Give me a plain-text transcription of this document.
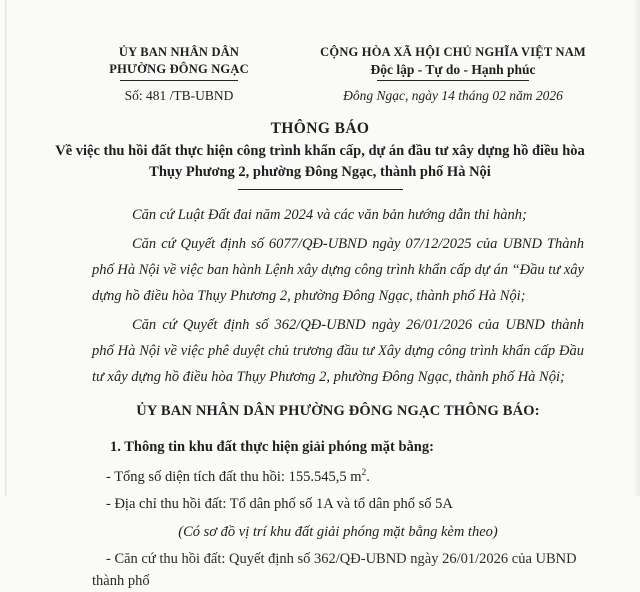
ỦY BAN NHÂN DÂN
PHƯỜNG ĐÔNG NGẠC
Số: 481 /TB-UBND
CỘNG HÒA XÃ HỘI CHỦ NGHĨA VIỆT NAM
Độc lập - Tự do - Hạnh phúc
Đông Ngạc, ngày 14 tháng 02 năm 2026
THÔNG BÁO
Về việc thu hồi đất thực hiện công trình khẩn cấp, dự án đầu tư xây dựng hồ điều hòa Thụy Phương 2, phường Đông Ngạc, thành phố Hà Nội

Căn cứ Luật Đất đai năm 2024 và các văn bản hướng dẫn thi hành;

Căn cứ Quyết định số 6077/QĐ-UBND ngày 07/12/2025 của UBND Thành phố Hà Nội về việc ban hành Lệnh xây dựng công trình khẩn cấp dự án “Đầu tư xây dựng hồ điều hòa Thụy Phương 2, phường Đông Ngạc, thành phố Hà Nội;

Căn cứ Quyết định số 362/QĐ-UBND ngày 26/01/2026 của UBND thành phố Hà Nội về việc phê duyệt chủ trương đầu tư Xây dựng công trình khẩn cấp Đầu tư xây dựng hồ điều hòa Thụy Phương 2, phường Đông Ngạc, thành phố Hà Nội;

ỦY BAN NHÂN DÂN PHƯỜNG ĐÔNG NGẠC THÔNG BÁO:

1. Thông tin khu đất thực hiện giải phóng mặt bằng:

- Tổng số diện tích đất thu hồi: 155.545,5 $m^2$.

- Địa chỉ thu hồi đất: Tổ dân phố số 1A và tổ dân phố số 5A

(Có sơ đồ vị trí khu đất giải phóng mặt bằng kèm theo)

- Căn cứ thu hồi đất: Quyết định số 362/QĐ-UBND ngày 26/01/2026 của UBND thành phố
